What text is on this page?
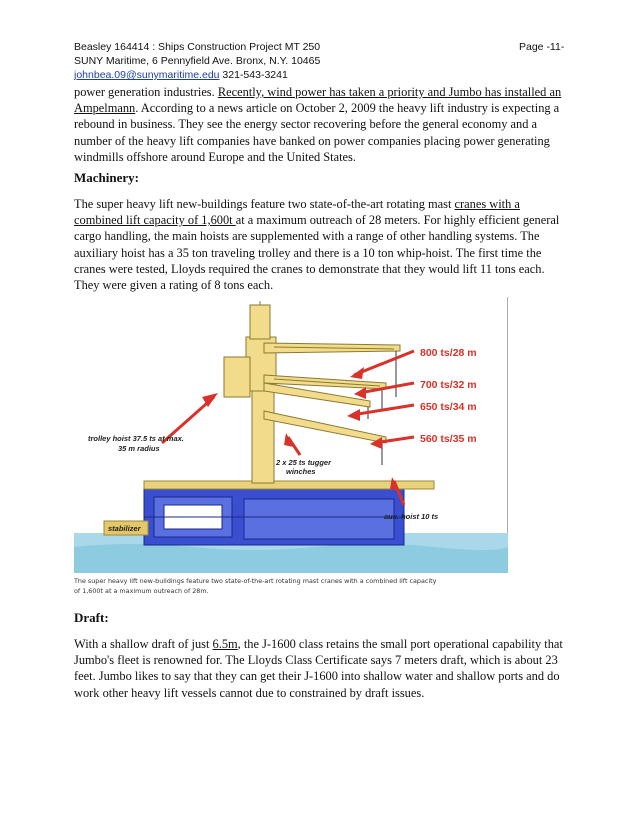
Beasley 164414 : Ships Construction Project MT 250	Page -11-
SUNY Maritime, 6 Pennyfield Ave. Bronx, N.Y. 10465
johnbea.09@sunymaritime.edu 321-543-3241

power generation industries. Recently, wind power has taken a priority and Jumbo has installed an Ampelmann. According to a news article on October 2, 2009 the heavy lift industry is expecting a rebound in business. They see the energy sector recovering before the general economy and a number of the heavy lift companies have banked on power companies placing power generating windmills offshore around Europe and the United States.

Machinery:

The super heavy lift new-buildings feature two state-of-the-art rotating mast cranes with a combined lift capacity of 1,600t at a maximum outreach of 28 meters. For highly efficient general cargo handling, the main hoists are supplemented with a range of other handling systems. The auxiliary hoist has a 35 ton traveling trolley and there is a 10 ton whip-hoist. The first time the cranes were tested, Lloyds required the cranes to demonstrate that they would lift 11 tons each. They were given a rating of 8 tons each.

800 ts/28 m
700 ts/32 m
650 ts/34 m
560 ts/35 m
trolley hoist 37.5 ts at max.
35 m radius
2 x 25 ts tugger
winches
aux. hoist 10 ts
stabilizer
The super heavy lift new-buildings feature two state-of-the-art rotating mast cranes with a combined lift capacity
of 1,600t at a maximum outreach of 28m.
Draft:

With a shallow draft of just 6.5m, the J-1600 class retains the small port operational capability that Jumbo's fleet is renowned for. The Lloyds Class Certificate says 7 meters draft, which is about 23 feet. Jumbo likes to say that they can get their J-1600 into shallow water and shallow ports and do work other heavy lift vessels cannot due to constrained by draft issues.
